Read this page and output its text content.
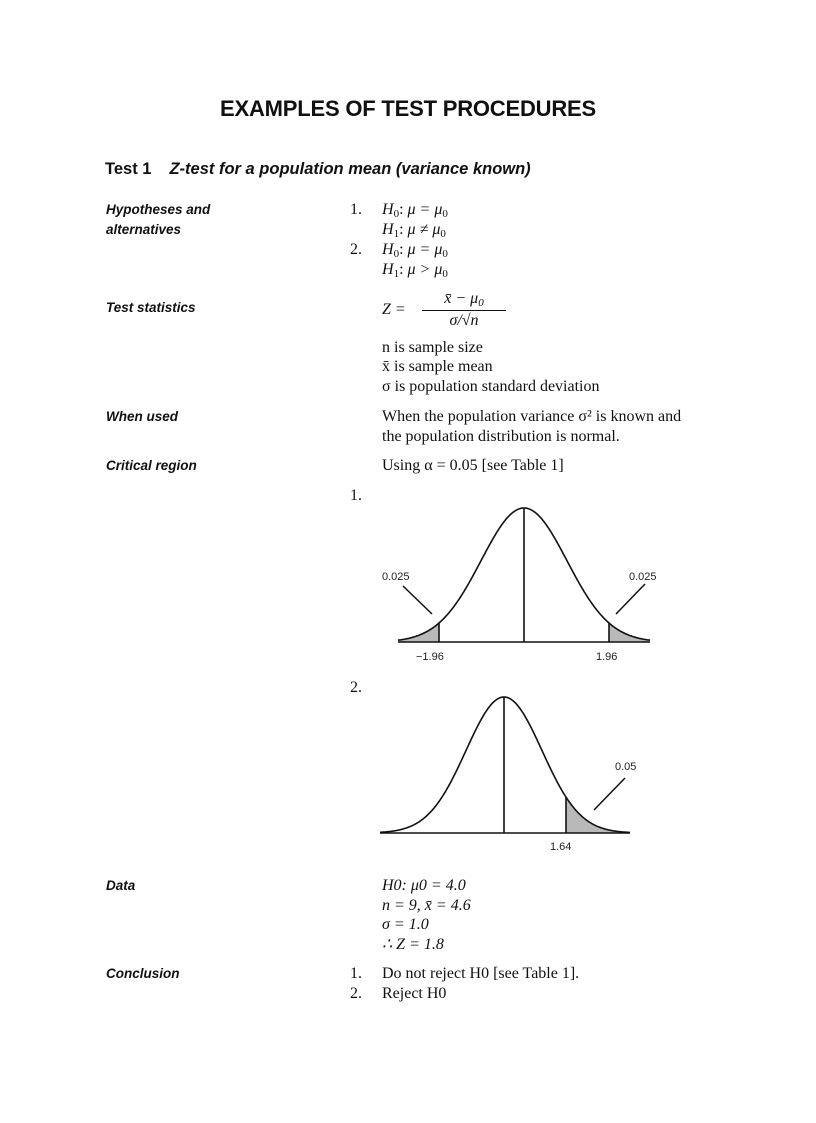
EXAMPLES OF TEST PROCEDURES
Test 1 Z-test for a population mean (variance known)
Hypotheses and
alternatives
1. $H_0$: $\mu = \mu_0$
$H_1$: $\mu \ne \mu_0$
2. $H_0$: $\mu = \mu_0$
$H_1$: $\mu > \mu_0$
Test statistics	Z =
x̄ − $\mu_0$
σ/√n
n is sample size
x̄ is sample mean
σ is population standard deviation
When used	When the population variance σ² is known and
the population distribution is normal.
Critical region	Using α = 0.05 [see Table 1]
1.
0.025	0.025
−1.96	1.96
2.
0.05
1.64
Data	H0: μ0 = 4.0
n = 9, x̄ = 4.6
σ = 1.0
∴ Z = 1.8
Conclusion	1. Do not reject H0 [see Table 1].
2. Reject H0
